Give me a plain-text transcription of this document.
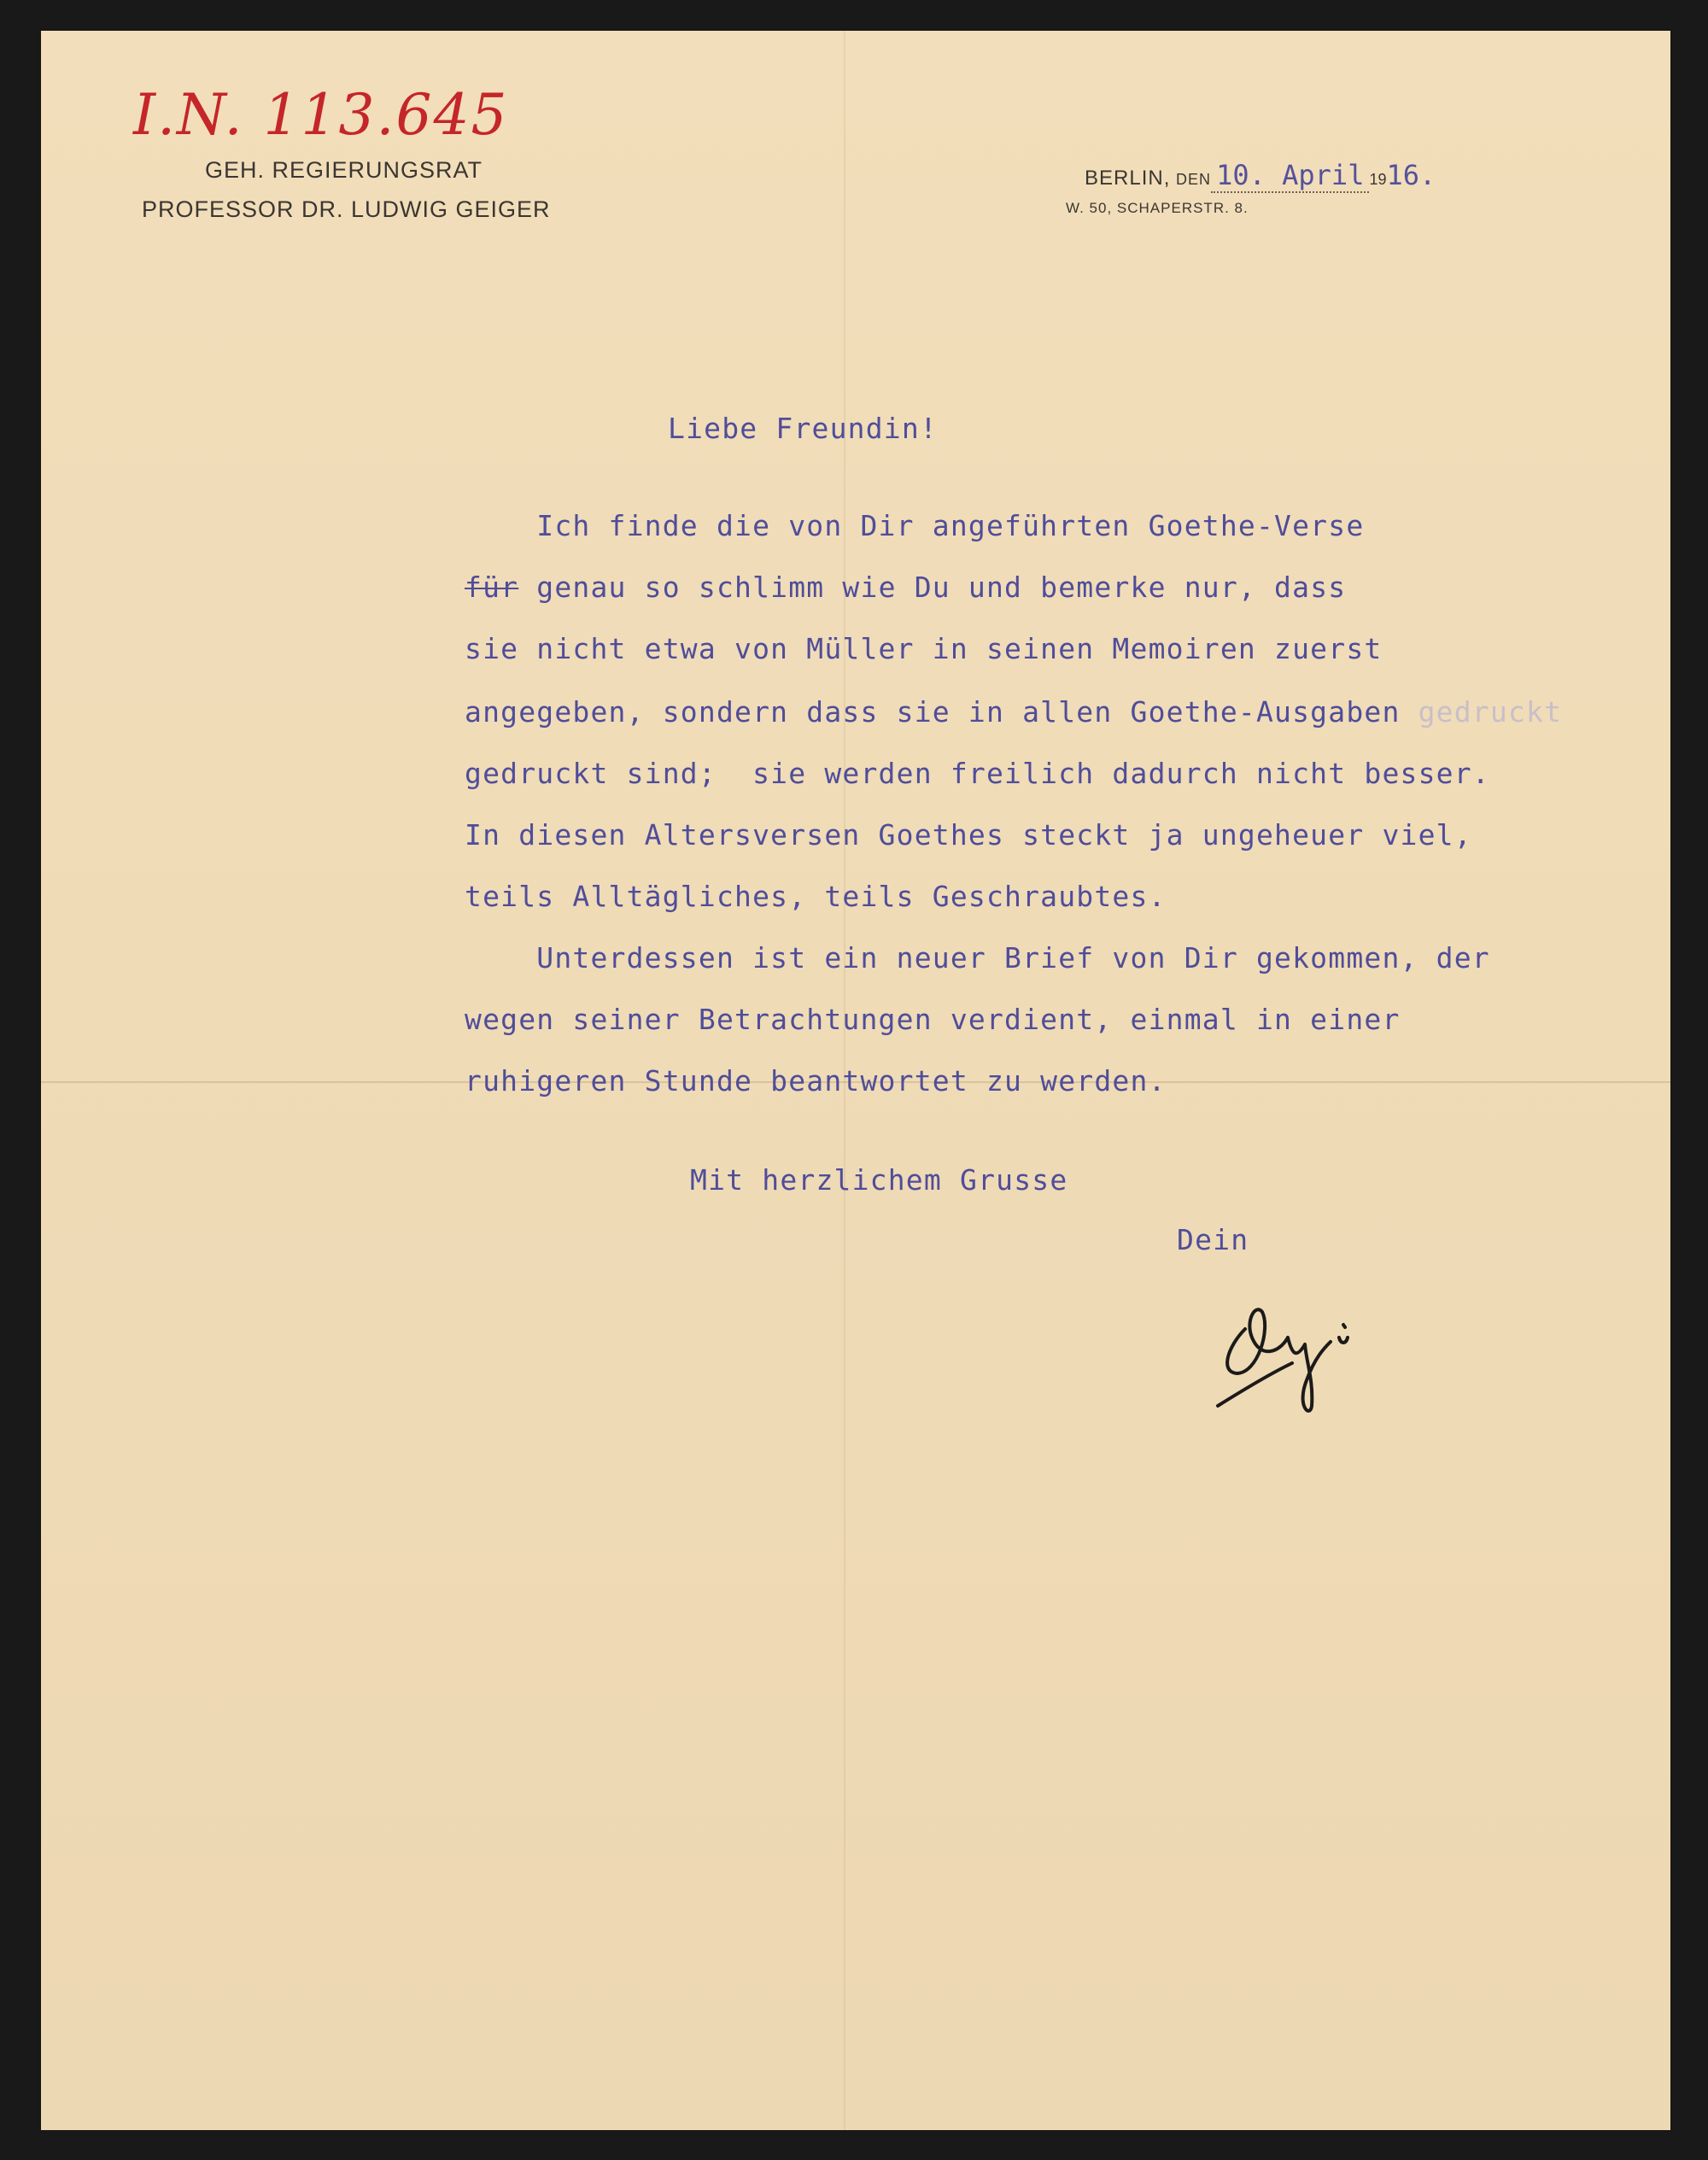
I.N. 113.645
GEH. REGIERUNGSRAT
PROFESSOR DR. LUDWIG GEIGER
BERLIN, DEN 10. April 1916.
W. 50, SCHAPERSTR. 8.
Liebe Freundin!
Ich finde die von Dir angeführten Goethe-Verse
für genau so schlimm wie Du und bemerke nur, dass
sie nicht etwa von Müller in seinen Memoiren zuerst
angegeben, sondern dass sie in allen Goethe-Ausgaben gedruckt
gedruckt sind;  sie werden freilich dadurch nicht besser.
In diesen Altersversen Goethes steckt ja ungeheuer viel,
teils Alltägliches, teils Geschraubtes.
Unterdessen ist ein neuer Brief von Dir gekommen, der
wegen seiner Betrachtungen verdient, einmal in einer
ruhigeren Stunde beantwortet zu werden.
Mit herzlichem Grusse
Dein
